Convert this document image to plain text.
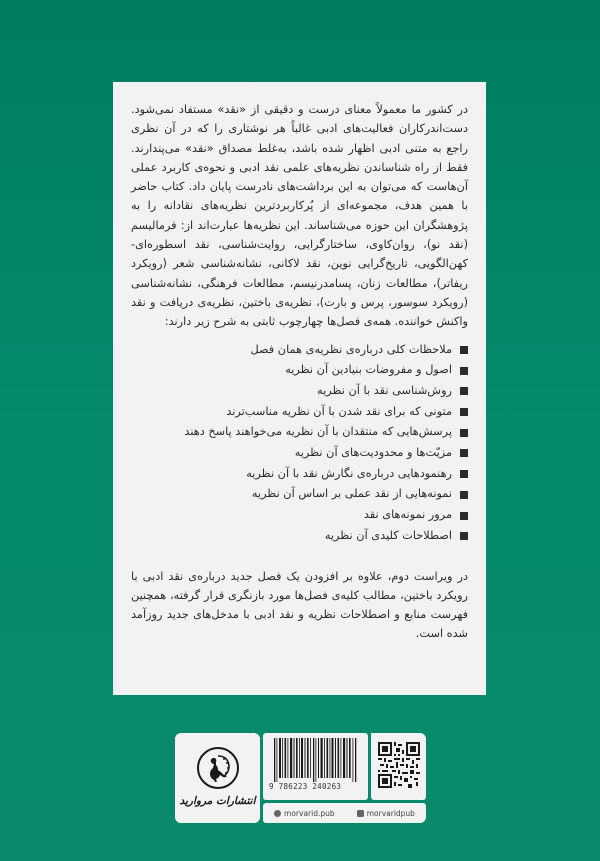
در کشور ما معمولاً معنای درست و دقیقی از «نقد» مستفاد نمی‌شود. دست‌اندرکاران فعالیت‌های ادبی غالباً هر نوشتاری را که در آن نظری راجع به متنی ادبی اظهار شده باشد، به‌غلط مصداق «نقد» می‌پندارند. فقط از راه شناساندن نظریه‌های علمی نقد ادبی و نحوه‌ی کاربرد عملی آن‌هاست که می‌توان به این برداشت‌های نادرست پایان داد. کتاب حاضر با همین هدف، مجموعه‌ای از پُرکاربردترین نظریه‌های نقادانه را به پژوهشگران این حوزه می‌شناساند. این نظریه‌ها عبارت‌اند از: فرمالیسم (نقد نو)، روان‌کاوی، ساختارگرایی، روایت‌شناسی، نقد اسطوره‌ای-کهن‌الگویی، تاریخ‌گرایی نوین، نقد لاکانی، نشانه‌شناسی شعر (رویکرد ریفاتر)، مطالعات زنان، پسامدرنیسم، مطالعات فرهنگی، نشانه‌شناسی (رویکرد سوسور، پرس و بارت)، نظریه‌ی باختین، نظریه‌ی دریافت و نقد واکنش خواننده. همه‌ی فصل‌ها چهارچوب ثابتی به شرح زیر دارند:

ملاحظات کلی درباره‌ی نظریه‌ی همان فصل
اصول و مفروضات بنیادین آن نظریه
روش‌شناسی نقد با آن نظریه
متونی که برای نقد شدن با آن نظریه مناسب‌ترند
پرسش‌هایی که منتقدان با آن نظریه می‌خواهند پاسخ دهند
مزیّت‌ها و محدودیت‌های آن نظریه
رهنمودهایی درباره‌ی نگارش نقد با آن نظریه
نمونه‌هایی از نقد عملی بر اساس آن نظریه
مرور نمونه‌های نقد
اصطلاحات کلیدی آن نظریه

در ویراست دوم، علاوه بر افزودن یک فصل جدید درباره‌ی نقد ادبی با رویکرد باختین، مطالب کلیه‌ی فصل‌ها مورد بازنگری قرار گرفته، همچنین فهرست منابع و اصطلاحات نظریه و نقد ادبی با مدخل‌های جدید روزآمد شده است.

انتشارات مروارید
9 786223 240263
morvarid.pub	morvaridpub
